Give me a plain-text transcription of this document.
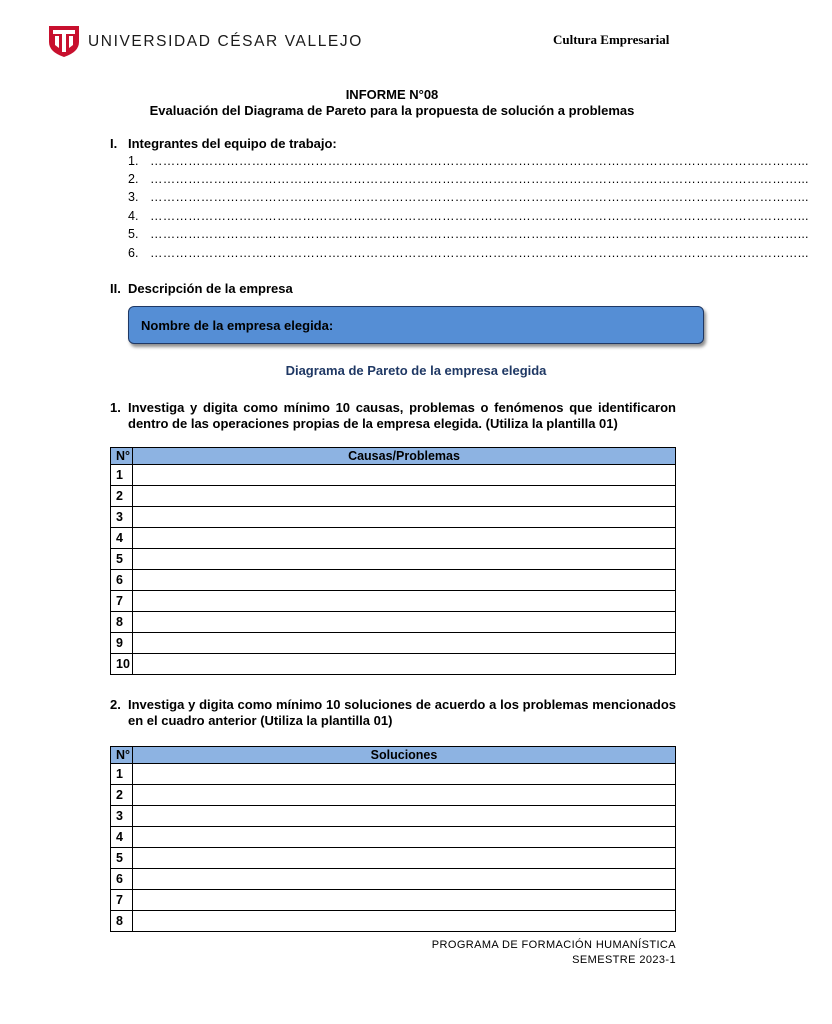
UNIVERSIDAD CÉSAR VALLEJO	Cultura Empresarial
INFORME N°08
Evaluación del Diagrama de Pareto para la propuesta de solución a problemas
I. Integrantes del equipo de trabajo:
1. ………………………………………………………………………………………………………………………………………...
2. ………………………………………………………………………………………………………………………………………...
3. ………………………………………………………………………………………………………………………………………...
4. ………………………………………………………………………………………………………………………………………...
5. ………………………………………………………………………………………………………………………………………...
6. ………………………………………………………………………………………………………………………………………...
II. Descripción de la empresa
Nombre de la empresa elegida:
Diagrama de Pareto de la empresa elegida
1. Investiga y digita como mínimo 10 causas, problemas o fenómenos que identificaron dentro de las operaciones propias de la empresa elegida. (Utiliza la plantilla 01)
N°	Causas/Problemas
1	
2	
3	
4	
5	
6	
7	
8	
9	
10	
2. Investiga y digita como mínimo 10 soluciones de acuerdo a los problemas mencionados en el cuadro anterior (Utiliza la plantilla 01)
N°	Soluciones
1	
2	
3	
4	
5	
6	
7	
8	
PROGRAMA DE FORMACIÓN HUMANÍSTICA
SEMESTRE 2023-1
